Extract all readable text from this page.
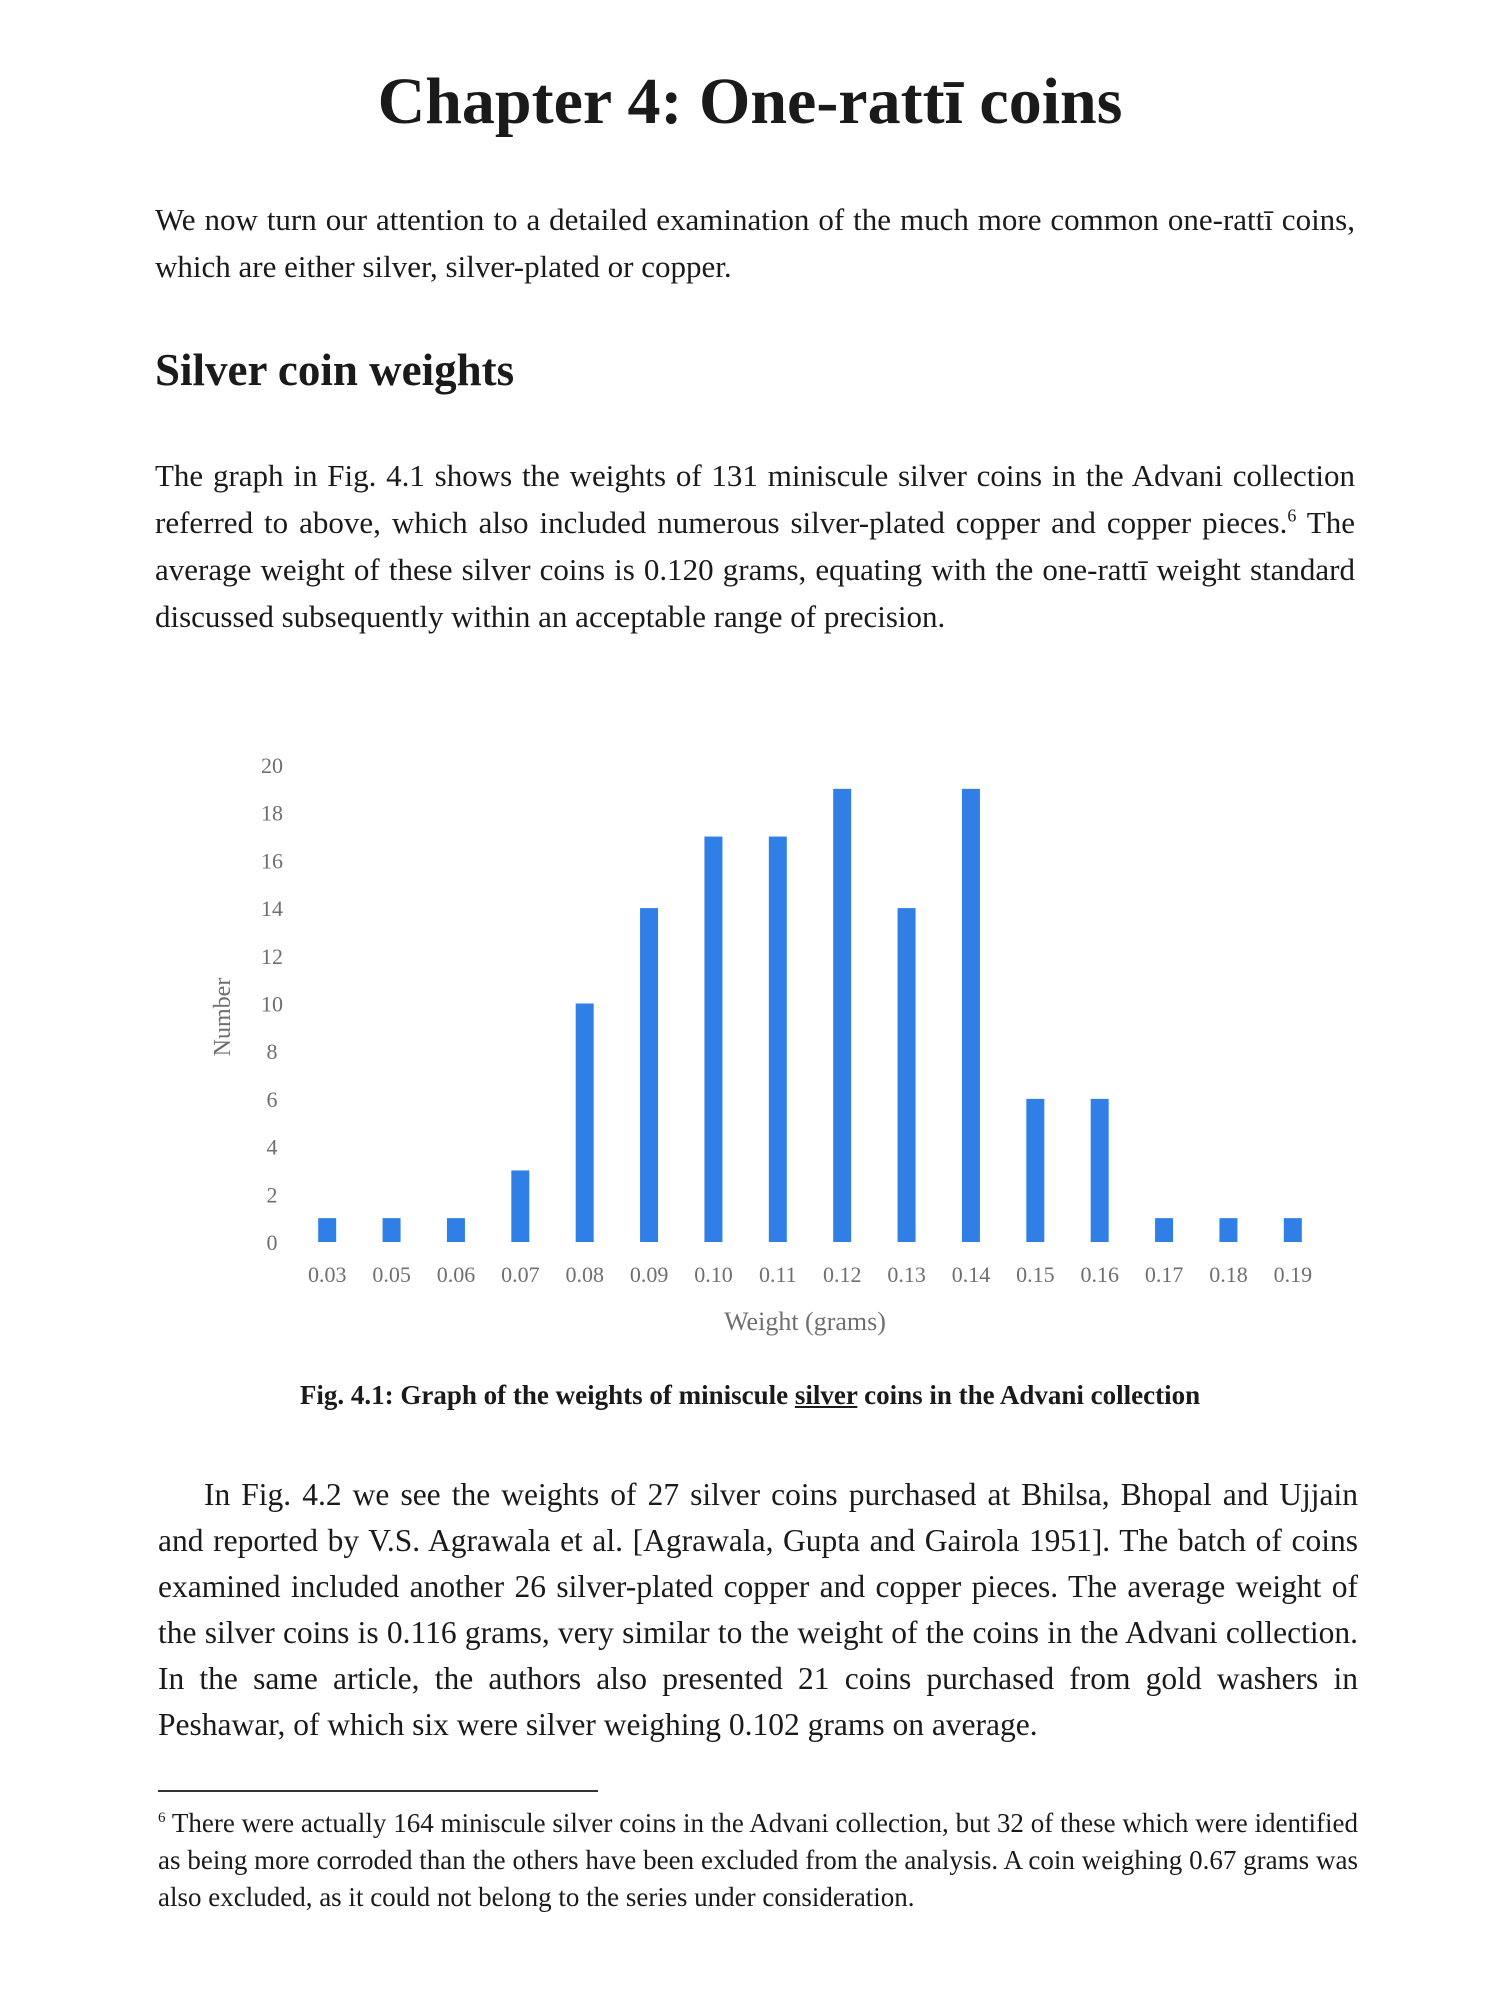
Chapter 4: One-rattī coins

We now turn our attention to a detailed examination of the much more common one-rattī coins, which are either silver, silver-plated or copper.

Silver coin weights

The graph in Fig. 4.1 shows the weights of 131 miniscule silver coins in the Advani collection referred to above, which also included numerous silver-plated copper and copper pieces.$^6$ The average weight of these silver coins is 0.120 grams, equating with the one-rattī weight standard discussed subsequently within an acceptable range of precision.

0
2
4
6
8
10
12
14
16
18
20
0.03 0.05 0.06 0.07 0.08 0.09 0.10 0.11 0.12 0.13 0.14 0.15 0.16 0.17 0.18 0.19
Number
Weight (grams)

Fig. 4.1: Graph of the weights of miniscule silver coins in the Advani collection

In Fig. 4.2 we see the weights of 27 silver coins purchased at Bhilsa, Bhopal and Ujjain and reported by V.S. Agrawala et al. [Agrawala, Gupta and Gairola 1951]. The batch of coins examined included another 26 silver-plated copper and copper pieces. The average weight of the silver coins is 0.116 grams, very similar to the weight of the coins in the Advani collection. In the same article, the authors also presented 21 coins purchased from gold washers in Peshawar, of which six were silver weighing 0.102 grams on average.

$^6$ There were actually 164 miniscule silver coins in the Advani collection, but 32 of these which were identified as being more corroded than the others have been excluded from the analysis. A coin weighing 0.67 grams was also excluded, as it could not belong to the series under consideration.
